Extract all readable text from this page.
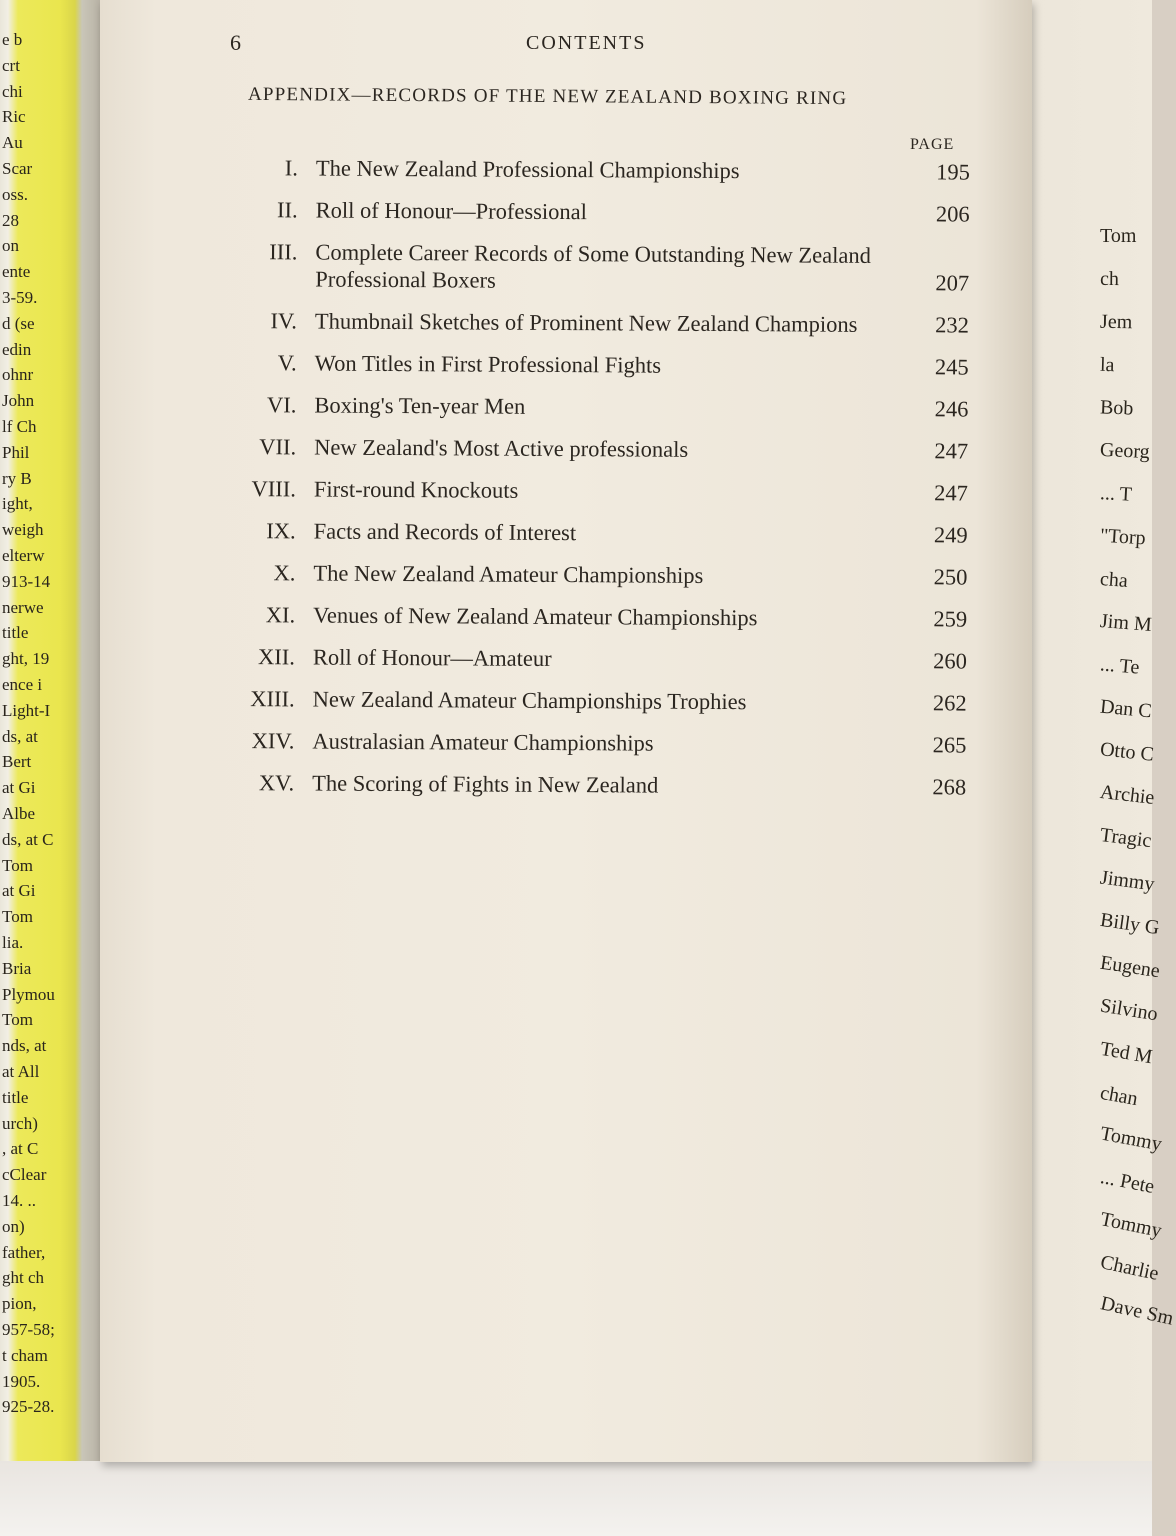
e b
crt
chi
Ric
Au
Scar
oss.
28
on
ente
3-59.
d (se
edin
ohnr
John
lf Ch
Phil
ry B
ight,
weigh
elterw
913-14
nerwe
title
ght, 19
ence i
Light-I
ds, at
Bert
at Gi
Albe
ds, at C
Tom
at Gi
Tom
lia.
Bria
Plymou
Tom
nds, at
at All
title
urch)
, at C
cClear
14. ..
on)
father,
ght ch
pion,
957-58;
t cham
1905.
925-28.
Tom
ch
Jem
la
Bob
Georg
... T
"Torp
cha
Jim M
... Te
Dan C
Otto C
Archie
Tragic
Jimmy
Billy G
Eugene
Silvino
Ted M
chan
Tommy
... Pete
Tommy
Charlie
Dave Sm
6	CONTENTS
APPENDIX—RECORDS OF THE NEW ZEALAND BOXING RING
PAGE
I. The New Zealand Professional Championships	195
II. Roll of Honour—Professional	206
III. Complete Career Records of Some Outstanding New Zealand Professional Boxers	207
IV. Thumbnail Sketches of Prominent New Zealand Champions	232
V. Won Titles in First Professional Fights	245
VI. Boxing's Ten-year Men	246
VII. New Zealand's Most Active professionals	247
VIII. First-round Knockouts	247
IX. Facts and Records of Interest	249
X. The New Zealand Amateur Championships	250
XI. Venues of New Zealand Amateur Championships	259
XII. Roll of Honour—Amateur	260
XIII. New Zealand Amateur Championships Trophies	262
XIV. Australasian Amateur Championships	265
XV. The Scoring of Fights in New Zealand	268
